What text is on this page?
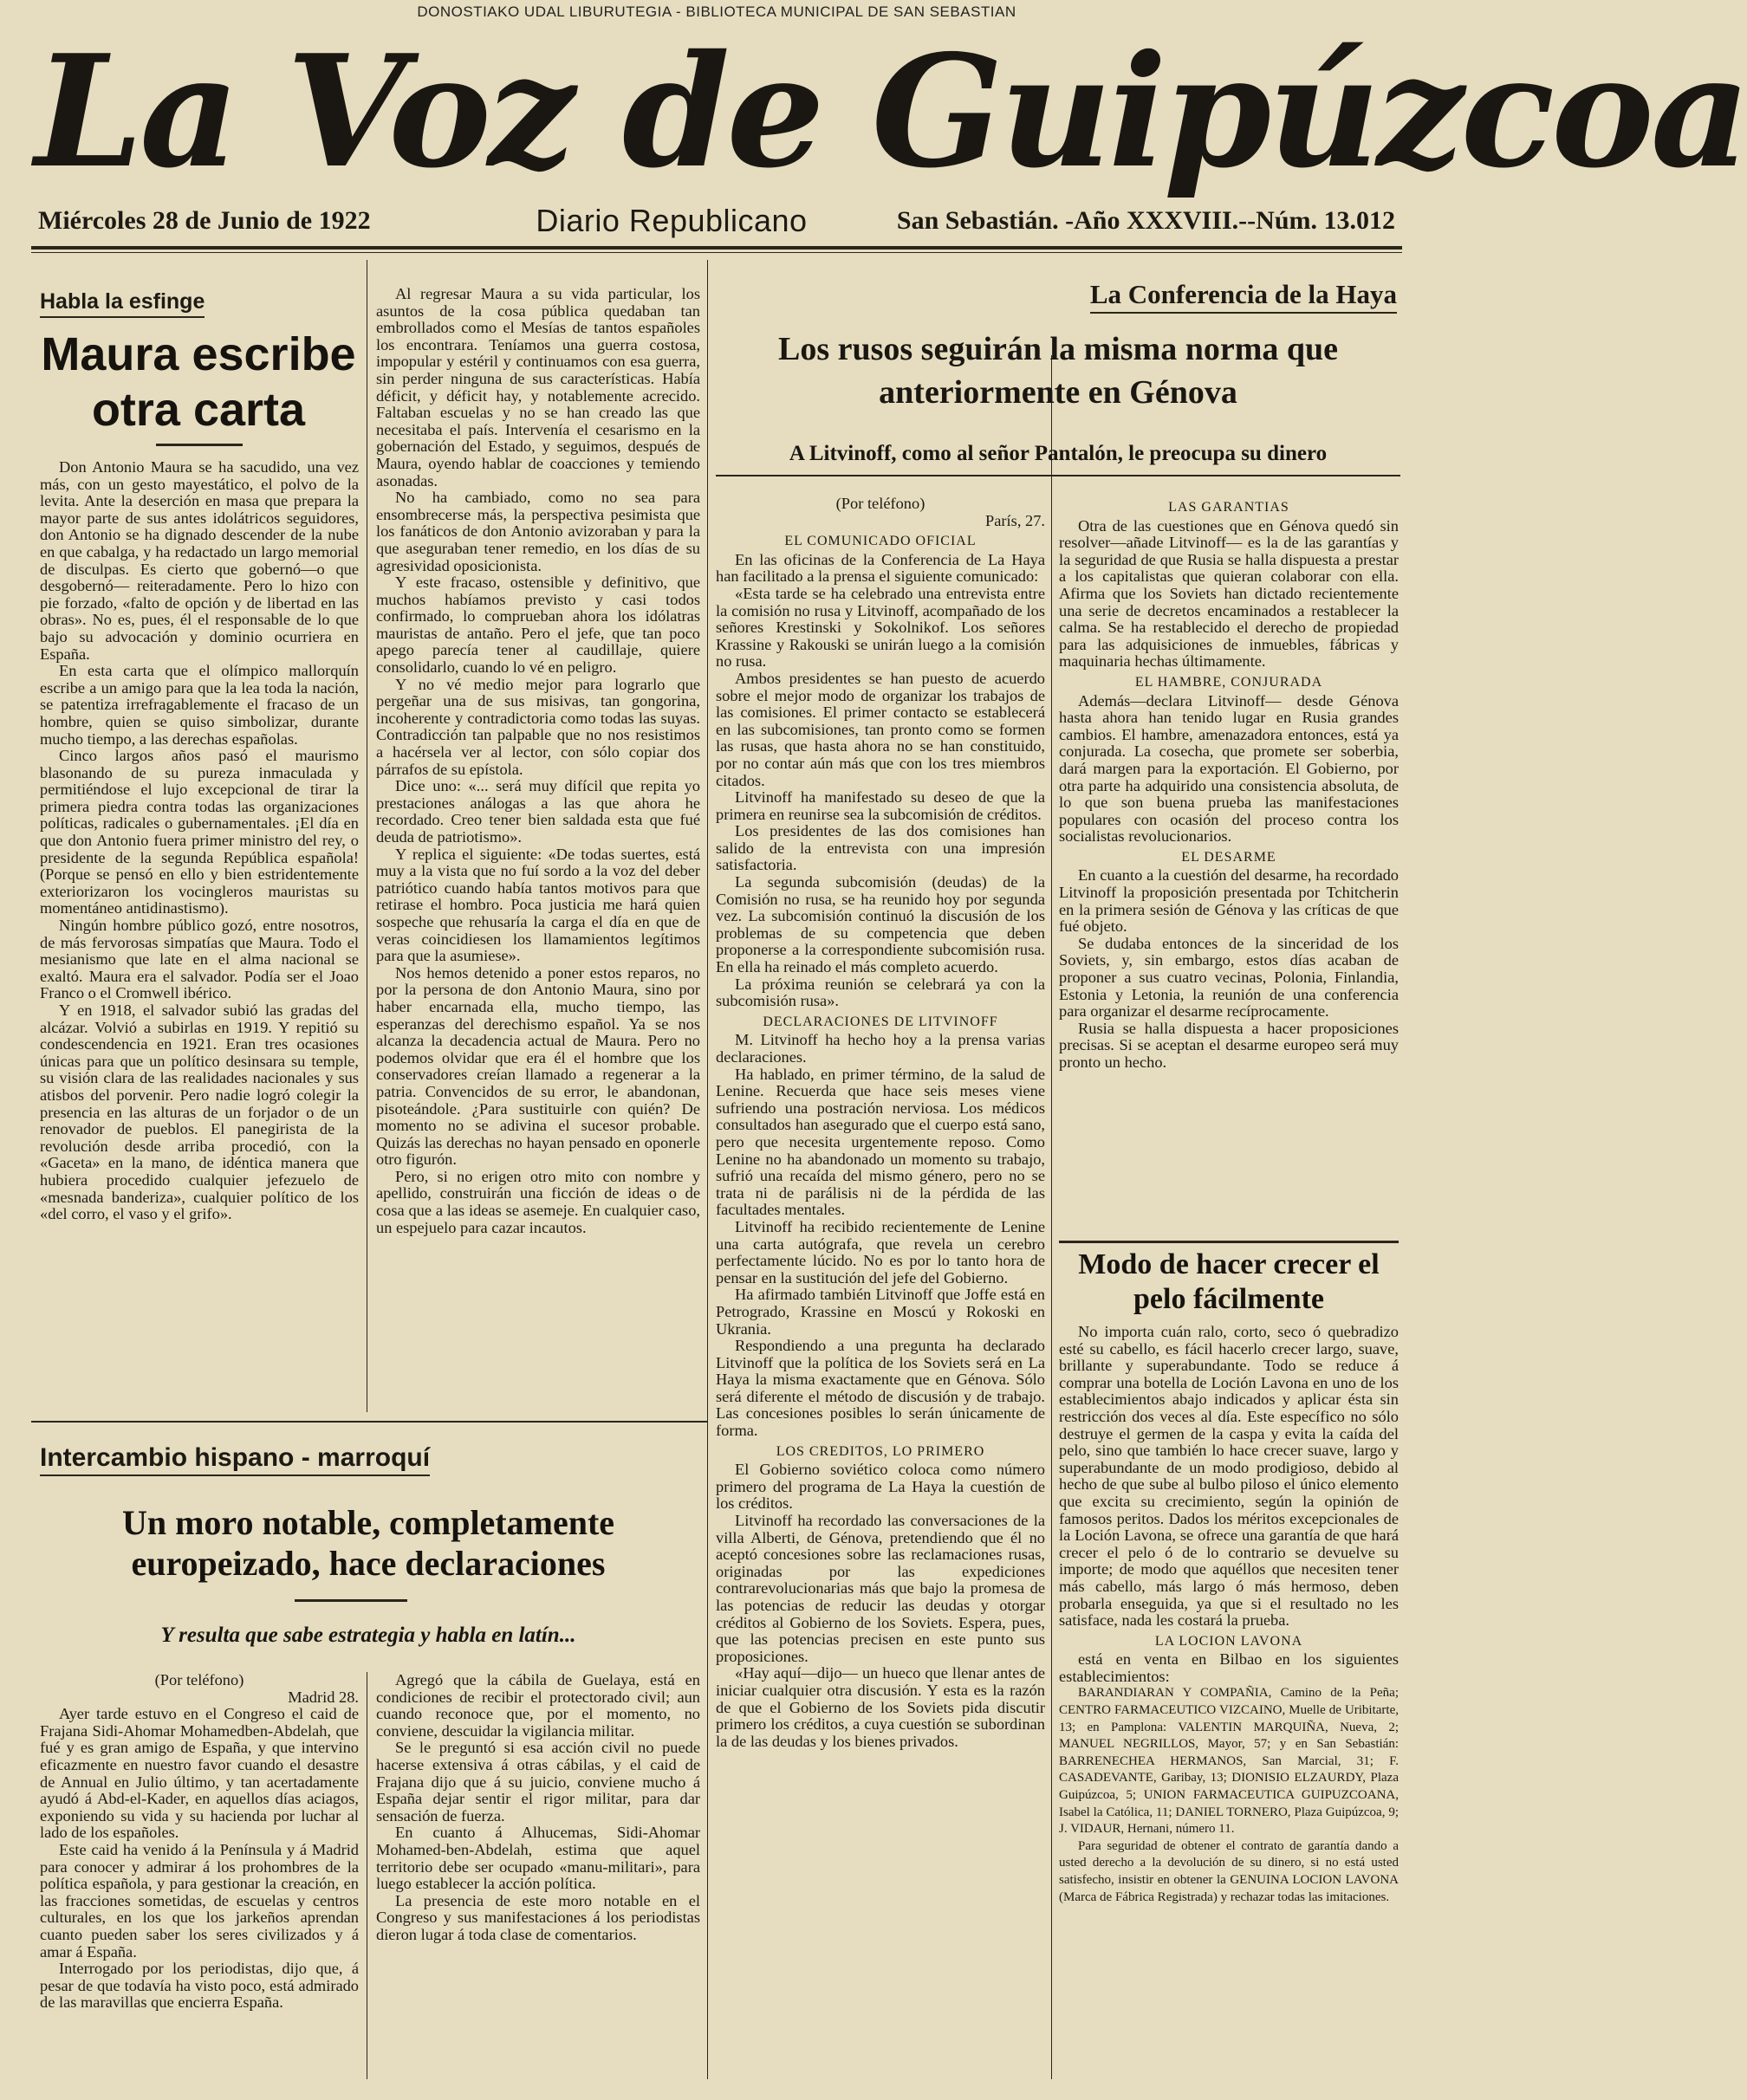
DONOSTIAKO UDAL LIBURUTEGIA - BIBLIOTECA MUNICIPAL DE SAN SEBASTIAN
La Voz de Guipúzcoa
Miércoles 28 de Junio de 1922	Diario Republicano	San Sebastián. -Año XXXVIII.--Núm. 13.012
Habla la esfinge
Maura escribe otra carta

Don Antonio Maura se ha sacudido, una vez más, con un gesto mayestático, el polvo de la levita. Ante la deserción en masa que prepara la mayor parte de sus antes idolátricos seguidores, don Antonio se ha dignado descender de la nube en que cabalga, y ha redactado un largo memorial de disculpas. Es cierto que gobernó—o que desgobernó— reiteradamente. Pero lo hizo con pie forzado, «falto de opción y de libertad en las obras». No es, pues, él el responsable de lo que bajo su advocación y dominio ocurriera en España.

En esta carta que el olímpico mallorquín escribe a un amigo para que la lea toda la nación, se patentiza irrefragablemente el fracaso de un hombre, quien se quiso simbolizar, durante mucho tiempo, a las derechas españolas.

Cinco largos años pasó el maurismo blasonando de su pureza inmaculada y permitiéndose el lujo excepcional de tirar la primera piedra contra todas las organizaciones políticas, radicales o gubernamentales. ¡El día en que don Antonio fuera primer ministro del rey, o presidente de la segunda República española! (Porque se pensó en ello y bien estridentemente exteriorizaron los vocingleros mauristas su momentáneo antidinastismo).

Ningún hombre público gozó, entre nosotros, de más fervorosas simpatías que Maura. Todo el mesianismo que late en el alma nacional se exaltó. Maura era el salvador. Podía ser el Joao Franco o el Cromwell ibérico.

Y en 1918, el salvador subió las gradas del alcázar. Volvió a subirlas en 1919. Y repitió su condescendencia en 1921. Eran tres ocasiones únicas para que un político desinsara su temple, su visión clara de las realidades nacionales y sus atisbos del porvenir. Pero nadie logró colegir la presencia en las alturas de un forjador o de un renovador de pueblos. El panegirista de la revolución desde arriba procedió, con la «Gaceta» en la mano, de idéntica manera que hubiera procedido cualquier jefezuelo de «mesnada banderiza», cualquier político de los «del corro, el vaso y el grifo».

Al regresar Maura a su vida particular, los asuntos de la cosa pública quedaban tan embrollados como el Mesías de tantos españoles los encontrara. Teníamos una guerra costosa, impopular y estéril y continuamos con esa guerra, sin perder ninguna de sus características. Había déficit, y déficit hay, y notablemente acrecido. Faltaban escuelas y no se han creado las que necesitaba el país. Intervenía el cesarismo en la gobernación del Estado, y seguimos, después de Maura, oyendo hablar de coacciones y temiendo asonadas.

No ha cambiado, como no sea para ensombrecerse más, la perspectiva pesimista que los fanáticos de don Antonio avizoraban y para la que aseguraban tener remedio, en los días de su agresividad oposicionista.

Y este fracaso, ostensible y definitivo, que muchos habíamos previsto y casi todos confirmado, lo comprueban ahora los idólatras mauristas de antaño. Pero el jefe, que tan poco apego parecía tener al caudillaje, quiere consolidarlo, cuando lo vé en peligro.

Y no vé medio mejor para lograrlo que pergeñar una de sus misivas, tan gongorina, incoherente y contradictoria como todas las suyas. Contradicción tan palpable que no nos resistimos a hacérsela ver al lector, con sólo copiar dos párrafos de su epístola.

Dice uno: «... será muy difícil que repita yo prestaciones análogas a las que ahora he recordado. Creo tener bien saldada esta que fué deuda de patriotismo».

Y replica el siguiente: «De todas suertes, está muy a la vista que no fuí sordo a la voz del deber patriótico cuando había tantos motivos para que retirase el hombro. Poca justicia me hará quien sospeche que rehusaría la carga el día en que de veras coincidiesen los llamamientos legítimos para que la asumiese».

Nos hemos detenido a poner estos reparos, no por la persona de don Antonio Maura, sino por haber encarnada ella, mucho tiempo, las esperanzas del derechismo español. Ya se nos alcanza la decadencia actual de Maura. Pero no podemos olvidar que era él el hombre que los conservadores creían llamado a regenerar a la patria. Convencidos de su error, le abandonan, pisoteándole. ¿Para sustituirle con quién? De momento no se adivina el sucesor probable. Quizás las derechas no hayan pensado en oponerle otro figurón.

Pero, si no erigen otro mito con nombre y apellido, construirán una ficción de ideas o de cosa que a las ideas se asemeje. En cualquier caso, un espejuelo para cazar incautos.

La Conferencia de la Haya
Los rusos seguirán la misma norma que anteriormente en Génova
A Litvinoff, como al señor Pantalón, le preocupa su dinero

(Por teléfono)

París, 27.

EL COMUNICADO OFICIAL

En las oficinas de la Conferencia de La Haya han facilitado a la prensa el siguiente comunicado:

«Esta tarde se ha celebrado una entrevista entre la comisión no rusa y Litvinoff, acompañado de los señores Krestinski y Sokolnikof. Los señores Krassine y Rakouski se unirán luego a la comisión no rusa.

Ambos presidentes se han puesto de acuerdo sobre el mejor modo de organizar los trabajos de las comisiones. El primer contacto se establecerá en las subcomisiones, tan pronto como se formen las rusas, que hasta ahora no se han constituido, por no contar aún más que con los tres miembros citados.

Litvinoff ha manifestado su deseo de que la primera en reunirse sea la subcomisión de créditos.

Los presidentes de las dos comisiones han salido de la entrevista con una impresión satisfactoria.

La segunda subcomisión (deudas) de la Comisión no rusa, se ha reunido hoy por segunda vez. La subcomisión continuó la discusión de los problemas de su competencia que deben proponerse a la correspondiente subcomisión rusa. En ella ha reinado el más completo acuerdo.

La próxima reunión se celebrará ya con la subcomisión rusa».

DECLARACIONES DE LITVINOFF

M. Litvinoff ha hecho hoy a la prensa varias declaraciones.

Ha hablado, en primer término, de la salud de Lenine. Recuerda que hace seis meses viene sufriendo una postración nerviosa. Los médicos consultados han asegurado que el cuerpo está sano, pero que necesita urgentemente reposo. Como Lenine no ha abandonado un momento su trabajo, sufrió una recaída del mismo género, pero no se trata ni de parálisis ni de la pérdida de las facultades mentales.

Litvinoff ha recibido recientemente de Lenine una carta autógrafa, que revela un cerebro perfectamente lúcido. No es por lo tanto hora de pensar en la sustitución del jefe del Gobierno.

Ha afirmado también Litvinoff que Joffe está en Petrogrado, Krassine en Moscú y Rokoski en Ukrania.

Respondiendo a una pregunta ha declarado Litvinoff que la política de los Soviets será en La Haya la misma exactamente que en Génova. Sólo será diferente el método de discusión y de trabajo. Las concesiones posibles lo serán únicamente de forma.

LOS CREDITOS, LO PRIMERO

El Gobierno soviético coloca como número primero del programa de La Haya la cuestión de los créditos.

Litvinoff ha recordado las conversaciones de la villa Alberti, de Génova, pretendiendo que él no aceptó concesiones sobre las reclamaciones rusas, originadas por las expediciones contrarevolucionarias más que bajo la promesa de las potencias de reducir las deudas y otorgar créditos al Gobierno de los Soviets. Espera, pues, que las potencias precisen en este punto sus proposiciones.

«Hay aquí—dijo— un hueco que llenar antes de iniciar cualquier otra discusión. Y esta es la razón de que el Gobierno de los Soviets pida discutir primero los créditos, a cuya cuestión se subordinan la de las deudas y los bienes privados.

LAS GARANTIAS

Otra de las cuestiones que en Génova quedó sin resolver—añade Litvinoff— es la de las garantías y la seguridad de que Rusia se halla dispuesta a prestar a los capitalistas que quieran colaborar con ella. Afirma que los Soviets han dictado recientemente una serie de decretos encaminados a restablecer la calma. Se ha restablecido el derecho de propiedad para las adquisiciones de inmuebles, fábricas y maquinaria hechas últimamente.

EL HAMBRE, CONJURADA

Además—declara Litvinoff— desde Génova hasta ahora han tenido lugar en Rusia grandes cambios. El hambre, amenazadora entonces, está ya conjurada. La cosecha, que promete ser soberbia, dará margen para la exportación. El Gobierno, por otra parte ha adquirido una consistencia absoluta, de lo que son buena prueba las manifestaciones populares con ocasión del proceso contra los socialistas revolucionarios.

EL DESARME

En cuanto a la cuestión del desarme, ha recordado Litvinoff la proposición presentada por Tchitcherin en la primera sesión de Génova y las críticas de que fué objeto.

Se dudaba entonces de la sinceridad de los Soviets, y, sin embargo, estos días acaban de proponer a sus cuatro vecinas, Polonia, Finlandia, Estonia y Letonia, la reunión de una conferencia para organizar el desarme recíprocamente.

Rusia se halla dispuesta a hacer proposiciones precisas. Si se aceptan el desarme europeo será muy pronto un hecho.

Modo de hacer crecer el pelo fácilmente

No importa cuán ralo, corto, seco ó quebradizo esté su cabello, es fácil hacerlo crecer largo, suave, brillante y superabundante. Todo se reduce á comprar una botella de Loción Lavona en uno de los establecimientos abajo indicados y aplicar ésta sin restricción dos veces al día. Este específico no sólo destruye el germen de la caspa y evita la caída del pelo, sino que también lo hace crecer suave, largo y superabundante de un modo prodigioso, debido al hecho de que sube al bulbo piloso el único elemento que excita su crecimiento, según la opinión de famosos peritos. Dados los méritos excepcionales de la Loción Lavona, se ofrece una garantía de que hará crecer el pelo ó de lo contrario se devuelve su importe; de modo que aquéllos que necesiten tener más cabello, más largo ó más hermoso, deben probarla enseguida, ya que si el resultado no les satisface, nada les costará la prueba.

LA LOCION LAVONA

está en venta en Bilbao en los siguientes establecimientos:

BARANDIARAN Y COMPAÑIA, Camino de la Peña; CENTRO FARMACEUTICO VIZCAINO, Muelle de Uribitarte, 13; en Pamplona: VALENTIN MARQUIÑA, Nueva, 2; MANUEL NEGRILLOS, Mayor, 57; y en San Sebastián: BARRENECHEA HERMANOS, San Marcial, 31; F. CASADEVANTE, Garibay, 13; DIONISIO ELZAURDY, Plaza Guipúzcoa, 5; UNION FARMACEUTICA GUIPUZCOANA, Isabel la Católica, 11; DANIEL TORNERO, Plaza Guipúzcoa, 9; J. VIDAUR, Hernani, número 11.

Para seguridad de obtener el contrato de garantía dando a usted derecho a la devolución de su dinero, si no está usted satisfecho, insistir en obtener la GENUINA LOCION LAVONA (Marca de Fábrica Registrada) y rechazar todas las imitaciones.

Intercambio hispano - marroquí
Un moro notable, completamente europeizado, hace declaraciones
Y resulta que sabe estrategia y habla en latín...

(Por teléfono)

Madrid 28.

Ayer tarde estuvo en el Congreso el caid de Frajana Sidi-Ahomar Mohamedben-Abdelah, que fué y es gran amigo de España, y que intervino eficazmente en nuestro favor cuando el desastre de Annual en Julio último, y tan acertadamente ayudó á Abd-el-Kader, en aquellos días aciagos, exponiendo su vida y su hacienda por luchar al lado de los españoles.

Este caid ha venido á la Península y á Madrid para conocer y admirar á los prohombres de la política española, y para gestionar la creación, en las fracciones sometidas, de escuelas y centros culturales, en los que los jarkeños aprendan cuanto pueden saber los seres civilizados y á amar á España.

Interrogado por los periodistas, dijo que, á pesar de que todavía ha visto poco, está admirado de las maravillas que encierra España.

Agregó que la cábila de Guelaya, está en condiciones de recibir el protectorado civil; aun cuando reconoce que, por el momento, no conviene, descuidar la vigilancia militar.

Se le preguntó si esa acción civil no puede hacerse extensiva á otras cábilas, y el caid de Frajana dijo que á su juicio, conviene mucho á España dejar sentir el rigor militar, para dar sensación de fuerza.

En cuanto á Alhucemas, Sidi-Ahomar Mohamed-ben-Abdelah, estima que aquel territorio debe ser ocupado «manu-militari», para luego establecer la acción política.

La presencia de este moro notable en el Congreso y sus manifestaciones á los periodistas dieron lugar á toda clase de comentarios.
